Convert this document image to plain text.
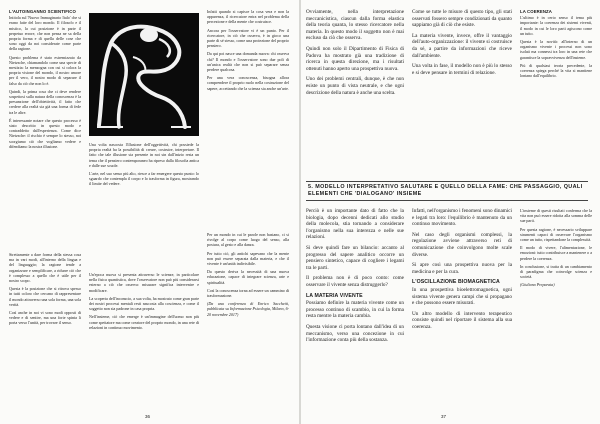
L'AUTOINGANNO SCIENTIFICO

Intitola sul 'Nuovo Immaginario Italo' che si erano fatte del loro mondo. Il filosofo e il mistico, la cui posizione è in parte il perpetuo errore, che non pensa ne sa della propria forma e di quella delle cose che sono oggi da noi considerate come parte della ragione.

Questo problema è stato estremizzato da Nietzsche, chiamandolo come una specie di mestizia: la menzogna con cui si colora la propria visione del mondo, il nostro amore per il vero, il nostro modo di separare il falso da ciò che non lo è.

Quindi, la prima cosa che ci deve rendere sospettosi sulla natura della conoscenza è la presunzione dell'obiettività, il fatto che credere alla realtà sia già una forma di fede tra le altre.

È interessante notare che questo processo è stato descritto in questo modo e contraddetto dall'esperienza. Come dice Nietzsche: il rischio è sempre lo stesso, noi scorgiamo ciò che vogliamo vedere e difendiamo la nostra illusione.

Strettamente a dare forma della stessa cosa ma in vari modi, all'interno della lingua e del linguaggio; la ragione tende a organizzare e semplificare, a ridurre ciò che è complesso a quello che è utile per il nostro scopo.

Questa è la posizione che si ritrova spesso in tutti coloro che cercano di rappresentare il mondo attraverso una sola forma, una sola verità.

Così anche in noi vi sono modi opposti di vedere e di sentire, ma una forte spinta li porta verso l'unità, per trovare il senso.

Una volta nascosta l'illusione dell'oggettività, chi possiede la propria realtà ha la possibilità di creare, costruire, interpretare. Il fatto che tale illusione sia presente in noi sin dall'inizio resta un tema che il pensiero contemporaneo ha ripreso dalla filosofia antica e dalle sue scuole.

L'arte, nel suo senso più alto, riesce a far emergere questo punto: lo sguardo che contempla il corpo e lo trasforma in figura, mostrando il limite del vedere.

Un'epoca nuova si presenta attraverso le scienze, in particolare nella fisica quantistica, dove l'osservatore non può più considerarsi esterno a ciò che osserva: misurare significa intervenire e modificare.

La scoperta dell'inconscio, a sua volta, ha mostrato come gran parte dei nostri processi mentali resti nascosta alla coscienza, e come il soggetto non sia padrone in casa propria.

Nell'insieme, ciò che emerge è un'immagine dell'uomo non più come spettatore ma come creatore del proprio mondo, in una rete di relazioni in continuo movimento.

Infatti quando si capisce la cosa vera e non la apparenza, il ricercatore entra nel problema della percezione e della mente che costruisce.

Ancora per l'osservatore vi è un punto. Per il ricercatore, in ciò che osserva, è in gioco una parte di sé stesso, come una proiezione del proprio pensiero.

Da qui poi nasce una domanda nuova: chi osserva chi? Il mondo e l'osservatore sono due poli di un'unica realtà che non si può separare senza perdere qualcosa.

Per una vera conoscenza, bisogna allora comprendere il proprio ruolo nella costruzione del sapere, accettando che la scienza sia anche un'arte.

Per un mondo in cui le parole non bastano, ci si rivolge al corpo come luogo del senso, alla postura, al gesto e alla danza.

Per tutto ciò, gli antichi sapevano che la mente non può essere separata dalla materia, e che il vivente è un'unità indivisibile.

Da questo deriva la necessità di una nuova educazione, capace di integrare scienza, arte e spiritualità.

Così la conoscenza torna ad essere un cammino di trasformazione.

(Da una conferenza di Enrico Sacchetti, pubblicata su Informazione Psicologia, Milano, 6-20 novembre 2017)

36

Ovviamente, nella interpretazione meccanicistica, ciascun dalla forma elastica della teoria quanta, lo stesso ricercatore nella materia. In questo modo il soggetto non è mai escluso da ciò che osserva.

Quindi non solo il Dipartimento di Fisica di Padova ha mostrato già una tradizione di ricerca in questa direzione, ma i risultati ottenuti hanno aperto una prospettiva nuova.

Uno dei problemi centrali, dunque, è che non esiste un punto di vista neutrale, e che ogni descrizione della natura è anche una scelta.

Come se tutte le misure di questo tipo, gli stati osservati fossero sempre condizionati da quanto sappiamo già di ciò che esiste.

La materia vivente, invece, offre il vantaggio dell'auto-organizzazione: il vivente si costruisce da sé, a partire da informazioni che riceve dall'ambiente.

Una volta in fase, il modello non è più lo stesso e si deve pensare in termini di relazione.

LA COERENZA

L'ultimo è in certo senso il tema più importante: la coerenza dei sistemi viventi, il modo in cui le loro parti agiscono come un tutto.

Questa è la novità: all'interno di un organismo vivente i processi non sono isolati ma connessi tra loro in una rete che garantisce la sopravvivenza dell'insieme.

Più di qualsiasi teoria precedente, la coerenza spiega perché la vita si mantiene lontano dall'equilibrio.

Perciò è un importante dato di fatto che la biologia, dopo decenni dedicati allo studio della molecola, stia tornando a considerare l'organismo nella sua interezza e nelle sue relazioni.

Si deve quindi fare un bilancio: accanto al progresso del sapere analitico occorre un pensiero sintetico, capace di cogliere i legami tra le parti.

Il problema non è di poco conto: come osservare il vivente senza distruggerlo?

LA MATERIA VIVENTE

Possiamo definire la materia vivente come un processo continuo di scambio, in cui la forma resta mentre la materia cambia.

Questa visione ci porta lontano dall'idea di un meccanismo, verso una concezione in cui l'informazione conta più della sostanza.

Infatti, nell'organismo i fenomeni sono dinamici e legati tra loro: l'equilibrio è mantenuto da un continuo movimento.

Nel caso degli organismi complessi, la regolazione avviene attraverso reti di comunicazione che coinvolgono molte scale diverse.

Si apre così una prospettiva nuova per la medicina e per la cura.

L'OSCILLAZIONE BIOMAGNETICA

In una prospettiva bioelettromagnetica, ogni sistema vivente genera campi che si propagano e che possono essere misurati.

Un altro modello di intervento terapeutico consiste quindi nel riportare il sistema alla sua coerenza.

L'insieme di questi risultati conferma che la vita non può essere ridotta alla somma delle sue parti.

Per questa ragione, è necessario sviluppare strumenti capaci di osservare l'organismo come un tutto, rispettandone la complessità.

Il modo di vivere, l'alimentazione, le emozioni: tutto contribuisce a mantenere o a perdere la coerenza.

In conclusione, si tratta di un cambiamento di paradigma che coinvolge scienza e società.

(Giuliano Preparata)

37
5. MODELLO INTERPRETATIVO SALUTARE E QUELLO DELLA FAME: CHE PASSAGGIO, QUALI ELEMENTI CHE 'DIALOGANO' INSIEME
